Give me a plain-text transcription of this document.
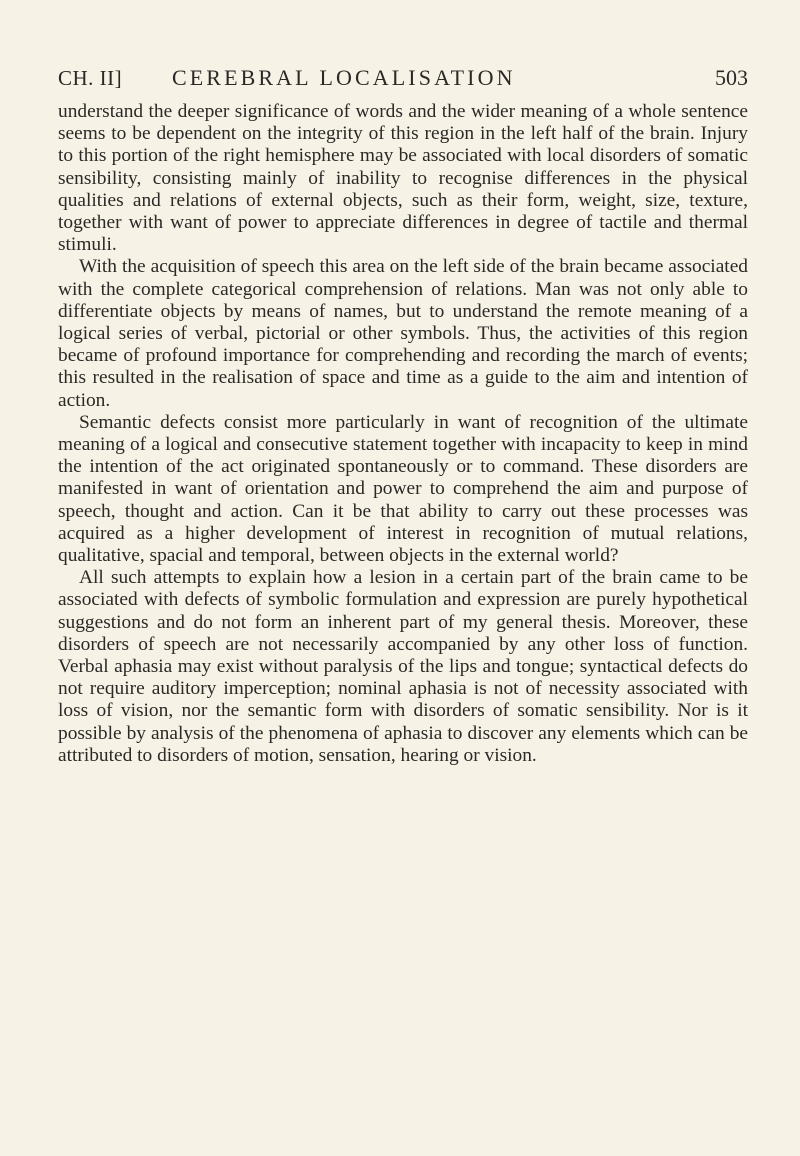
CH. II] CEREBRAL LOCALISATION	503

understand the deeper significance of words and the wider meaning of a whole sentence seems to be dependent on the integrity of this region in the left half of the brain. Injury to this portion of the right hemisphere may be associated with local disorders of somatic sensibility, consisting mainly of inability to recognise differences in the physical qualities and relations of external objects, such as their form, weight, size, texture, together with want of power to appreciate differences in degree of tactile and thermal stimuli.

With the acquisition of speech this area on the left side of the brain became associated with the complete categorical comprehension of relations. Man was not only able to differentiate objects by means of names, but to understand the remote meaning of a logical series of verbal, pictorial or other symbols. Thus, the activities of this region became of profound importance for comprehending and recording the march of events; this resulted in the realisation of space and time as a guide to the aim and intention of action.

Semantic defects consist more particularly in want of recognition of the ultimate meaning of a logical and consecutive statement together with incapacity to keep in mind the intention of the act originated spontaneously or to command. These disorders are manifested in want of orientation and power to comprehend the aim and purpose of speech, thought and action. Can it be that ability to carry out these processes was acquired as a higher development of interest in recognition of mutual relations, qualitative, spacial and temporal, between objects in the external world?

All such attempts to explain how a lesion in a certain part of the brain came to be associated with defects of symbolic formulation and expression are purely hypothetical suggestions and do not form an inherent part of my general thesis. Moreover, these disorders of speech are not necessarily accompanied by any other loss of function. Verbal aphasia may exist without paralysis of the lips and tongue; syntactical defects do not require auditory imperception; nominal aphasia is not of necessity associated with loss of vision, nor the semantic form with disorders of somatic sensibility. Nor is it possible by analysis of the phenomena of aphasia to discover any elements which can be attributed to disorders of motion, sensation, hearing or vision.
